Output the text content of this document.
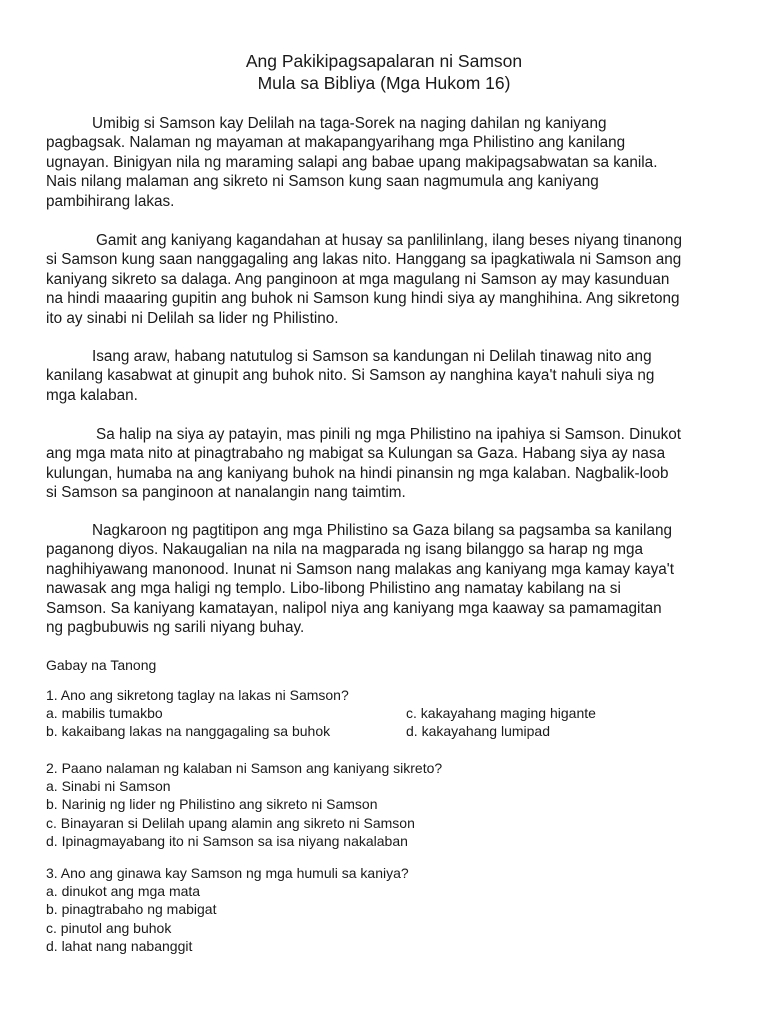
Ang Pakikipagsapalaran ni Samson
Mula sa Bibliya (Mga Hukom 16)
Umibig si Samson kay Delilah na taga-Sorek na naging dahilan ng kaniyang
pagbagsak. Nalaman ng mayaman at makapangyarihang mga Philistino ang kanilang
ugnayan. Binigyan nila ng maraming salapi ang babae upang makipagsabwatan sa kanila.
Nais nilang malaman ang sikreto ni Samson kung saan nagmumula ang kaniyang
pambihirang lakas.
Gamit ang kaniyang kagandahan at husay sa panlilinlang, ilang beses niyang tinanong
si Samson kung saan nanggagaling ang lakas nito. Hanggang sa ipagkatiwala ni Samson ang
kaniyang sikreto sa dalaga. Ang panginoon at mga magulang ni Samson ay may kasunduan
na hindi maaaring gupitin ang buhok ni Samson kung hindi siya ay manghihina. Ang sikretong
ito ay sinabi ni Delilah sa lider ng Philistino.
Isang araw, habang natutulog si Samson sa kandungan ni Delilah tinawag nito ang
kanilang kasabwat at ginupit ang buhok nito. Si Samson ay nanghina kaya't nahuli siya ng
mga kalaban.
Sa halip na siya ay patayin, mas pinili ng mga Philistino na ipahiya si Samson. Dinukot
ang mga mata nito at pinagtrabaho ng mabigat sa Kulungan sa Gaza. Habang siya ay nasa
kulungan, humaba na ang kaniyang buhok na hindi pinansin ng mga kalaban. Nagbalik-loob
si Samson sa panginoon at nanalangin nang taimtim.
Nagkaroon ng pagtitipon ang mga Philistino sa Gaza bilang sa pagsamba sa kanilang
paganong diyos. Nakaugalian na nila na magparada ng isang bilanggo sa harap ng mga
naghihiyawang manonood. Inunat ni Samson nang malakas ang kaniyang mga kamay kaya't
nawasak ang mga haligi ng templo. Libo-libong Philistino ang namatay kabilang na si
Samson. Sa kaniyang kamatayan, nalipol niya ang kaniyang mga kaaway sa pamamagitan
ng pagbubuwis ng sarili niyang buhay.
Gabay na Tanong
1. Ano ang sikretong taglay na lakas ni Samson?
a. mabilis tumakbo	c. kakayahang maging higante
b. kakaibang lakas na nanggagaling sa buhok	d. kakayahang lumipad
2. Paano nalaman ng kalaban ni Samson ang kaniyang sikreto?
a. Sinabi ni Samson
b. Narinig ng lider ng Philistino ang sikreto ni Samson
c. Binayaran si Delilah upang alamin ang sikreto ni Samson
d. Ipinagmayabang ito ni Samson sa isa niyang nakalaban
3. Ano ang ginawa kay Samson ng mga humuli sa kaniya?
a. dinukot ang mga mata
b. pinagtrabaho ng mabigat
c. pinutol ang buhok
d. lahat nang nabanggit
